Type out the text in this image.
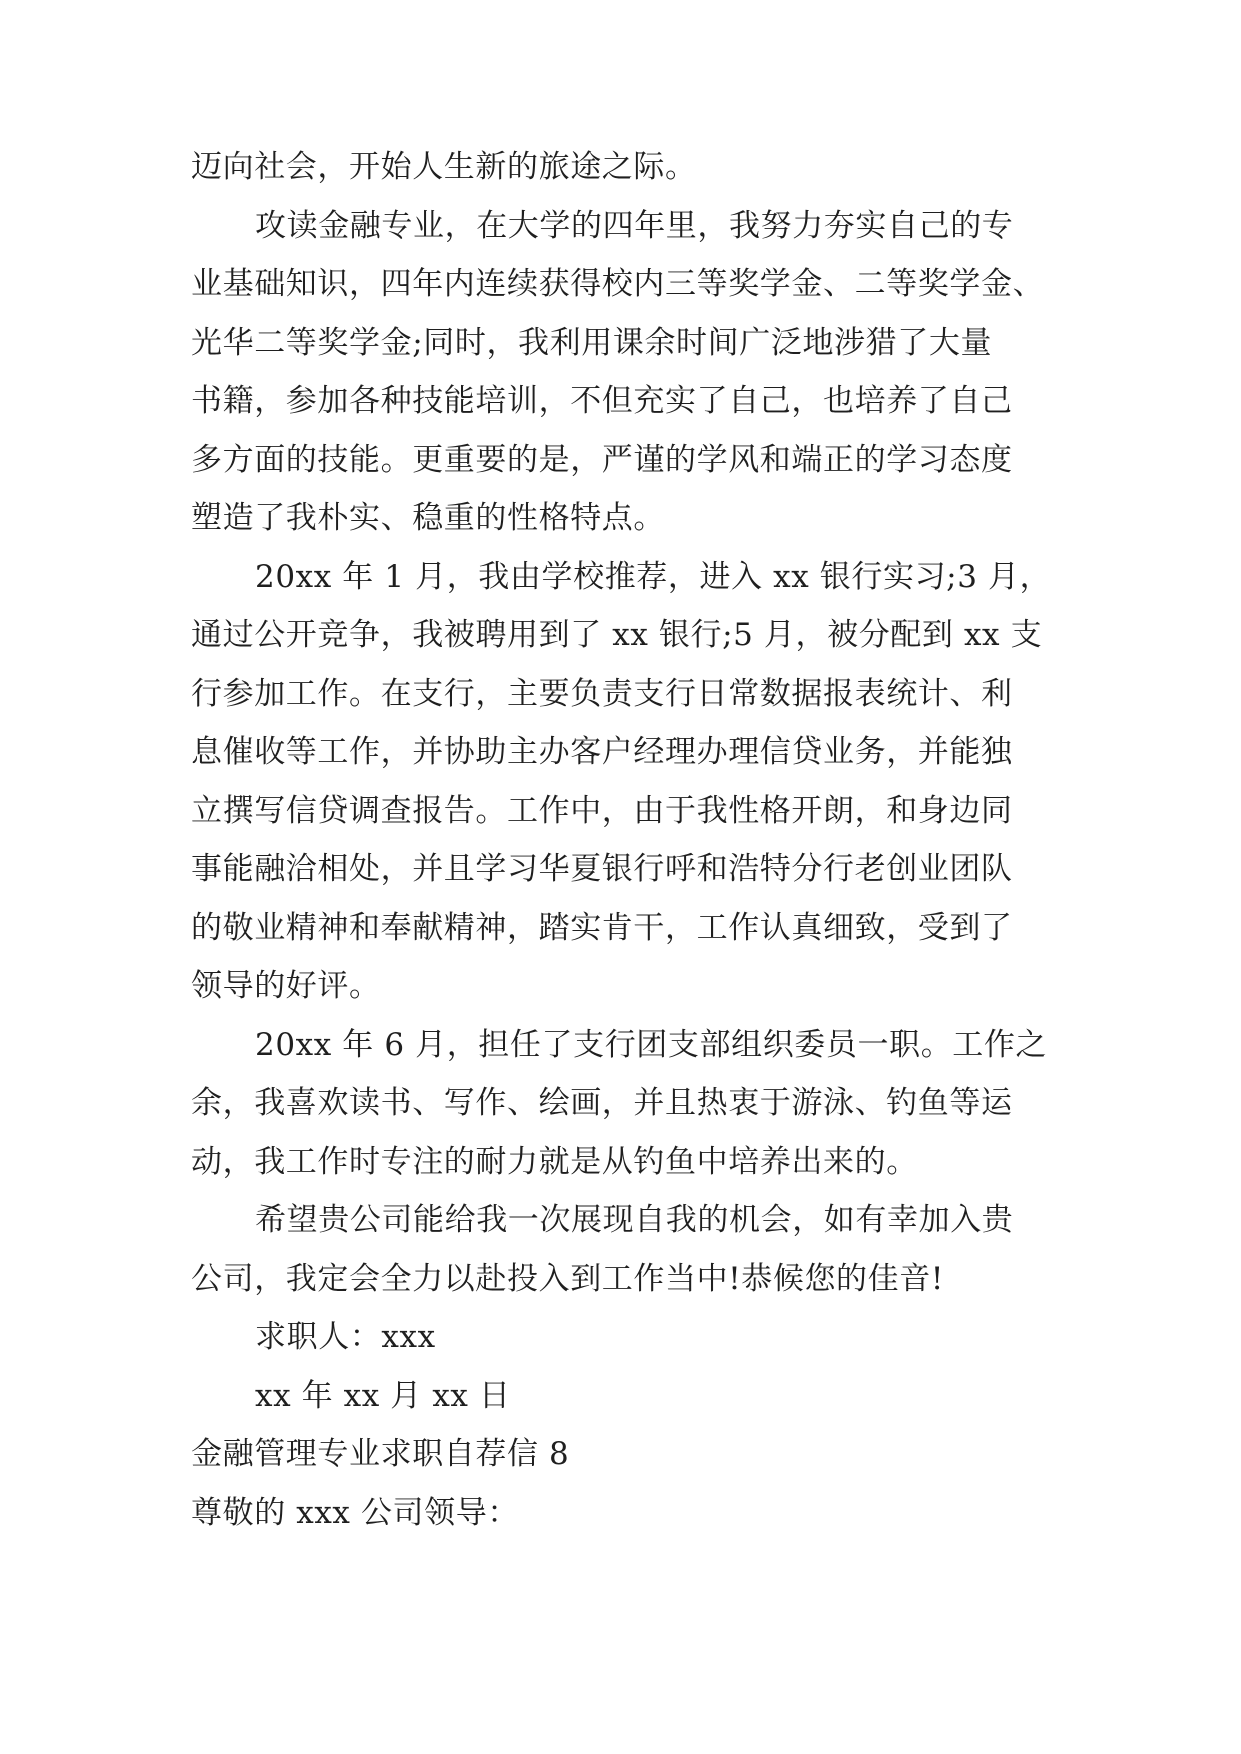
迈向社会，开始人生新的旅途之际。
攻读金融专业，在大学的四年里，我努力夯实自己的专
业基础知识，四年内连续获得校内三等奖学金、二等奖学金、
光华二等奖学金;同时，我利用课余时间广泛地涉猎了大量
书籍，参加各种技能培训，不但充实了自己，也培养了自己
多方面的技能。更重要的是，严谨的学风和端正的学习态度
塑造了我朴实、稳重的性格特点。
20xx 年 1 月，我由学校推荐，进入 xx 银行实习;3 月，
通过公开竞争，我被聘用到了 xx 银行;5 月，被分配到 xx 支
行参加工作。在支行，主要负责支行日常数据报表统计、利
息催收等工作，并协助主办客户经理办理信贷业务，并能独
立撰写信贷调查报告。工作中，由于我性格开朗，和身边同
事能融洽相处，并且学习华夏银行呼和浩特分行老创业团队
的敬业精神和奉献精神，踏实肯干，工作认真细致，受到了
领导的好评。
20xx 年 6 月，担任了支行团支部组织委员一职。工作之
余，我喜欢读书、写作、绘画，并且热衷于游泳、钓鱼等运
动，我工作时专注的耐力就是从钓鱼中培养出来的。
希望贵公司能给我一次展现自我的机会，如有幸加入贵
公司，我定会全力以赴投入到工作当中!恭候您的佳音!
求职人：xxx
xx 年 xx 月 xx 日
金融管理专业求职自荐信 8
尊敬的 xxx 公司领导：
